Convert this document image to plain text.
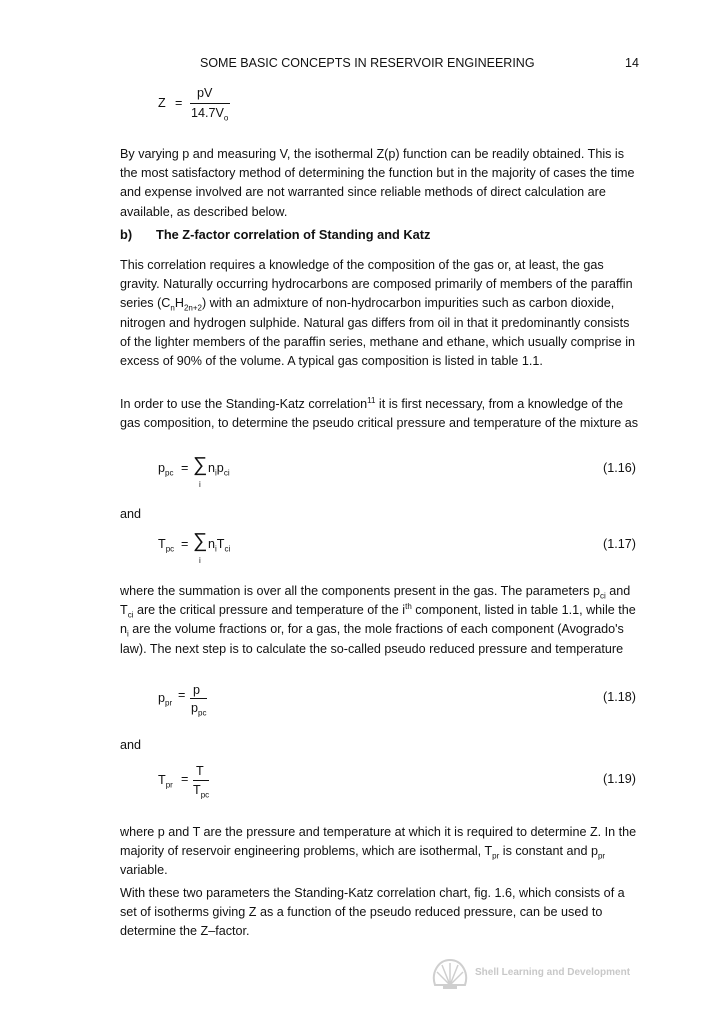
SOME BASIC CONCEPTS IN RESERVOIR ENGINEERING	14
Z =
pV
$14.7V_o$

By varying p and measuring V, the isothermal Z(p) function can be readily obtained. This is the most satisfactory method of determining the function but in the majority of cases the time and expense involved are not warranted since reliable methods of direct calculation are available, as described below.

b) The Z-factor correlation of Standing and Katz

This correlation requires a knowledge of the composition of the gas or, at least, the gas gravity. Naturally occurring hydrocarbons are composed primarily of members of the paraffin series $(C_nH_{2n+2})$ with an admixture of non-hydrocarbon impurities such as carbon dioxide, nitrogen and hydrogen sulphide. Natural gas differs from oil in that it predominantly consists of the lighter members of the paraffin series, methane and ethane, which usually comprise in excess of 90% of the volume. A typical gas composition is listed in table 1.1.

In order to use the Standing-Katz correlation$^{11}$ it is first necessary, from a knowledge of the gas composition, to determine the pseudo critical pressure and temperature of the mixture as

$p_{pc}$ = ∑
i
$n_ip_{ci}$	(1.16)
and
$T_{pc}$ = ∑
i
$n_iT_{ci}$	(1.17)

where the summation is over all the components present in the gas. The parameters $p_{ci}$ and $T_{ci}$ are the critical pressure and temperature of the $i^{th}$ component, listed in table 1.1, while the $n_i$ are the volume fractions or, for a gas, the mole fractions of each component (Avogrado's law). The next step is to calculate the so-called pseudo reduced pressure and temperature

$p_{pr}$
= p
$p_{pc}$
(1.18)
and
$T_{pr}$ =
T
$T_{pc}$
(1.19)

where p and T are the pressure and temperature at which it is required to determine Z. In the majority of reservoir engineering problems, which are isothermal, $T_{pr}$ is constant and $p_{pr}$ variable.

With these two parameters the Standing-Katz correlation chart, fig. 1.6, which consists of a set of isotherms giving Z as a function of the pseudo reduced pressure, can be used to determine the Z–factor.

Shell Learning and Development
